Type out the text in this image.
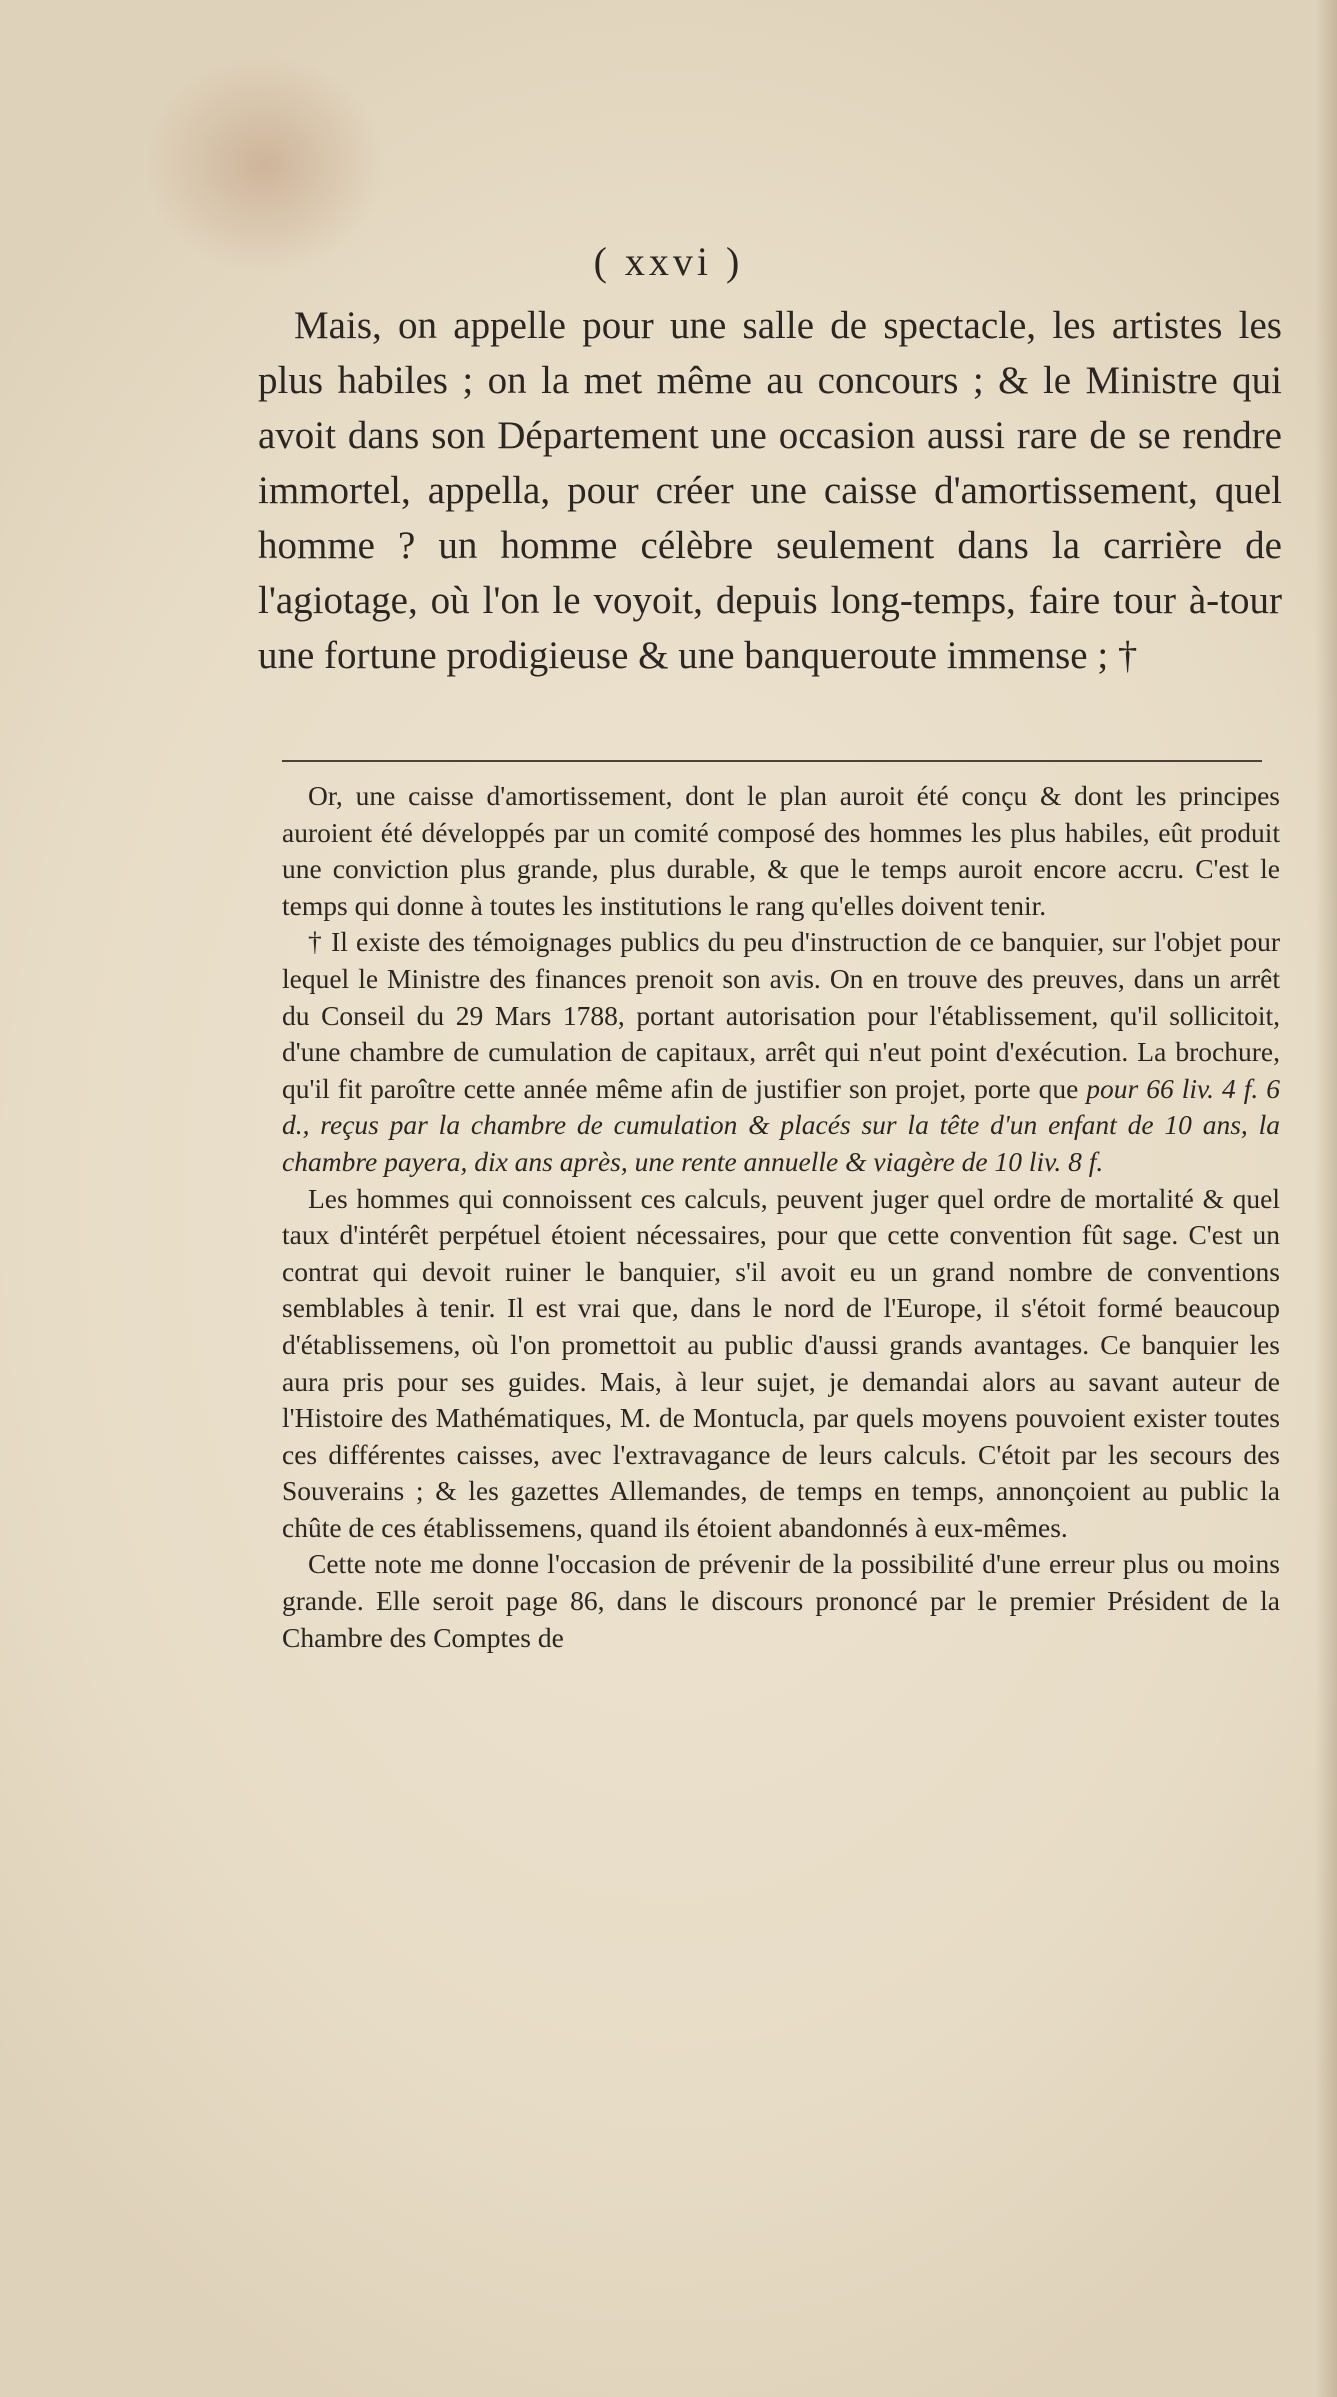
( xxvi )

Mais, on appelle pour une salle de spectacle, les artistes les plus habiles ; on la met même au concours ; & le Ministre qui avoit dans son Département une occasion aussi rare de se rendre immortel, appella, pour créer une caisse d'amortissement, quel homme ? un homme célèbre seulement dans la carrière de l'agiotage, où l'on le voyoit, depuis long-temps, faire tour à-tour une fortune prodigieuse & une banqueroute immense ; †

Or, une caisse d'amortissement, dont le plan auroit été conçu & dont les principes auroient été développés par un comité composé des hommes les plus habiles, eût produit une conviction plus grande, plus durable, & que le temps auroit encore accru. C'est le temps qui donne à toutes les institutions le rang qu'elles doivent tenir.

† Il existe des témoignages publics du peu d'instruction de ce banquier, sur l'objet pour lequel le Ministre des finances prenoit son avis. On en trouve des preuves, dans un arrêt du Conseil du 29 Mars 1788, portant autorisation pour l'établissement, qu'il sollicitoit, d'une chambre de cumulation de capitaux, arrêt qui n'eut point d'exécution. La brochure, qu'il fit paroître cette année même afin de justifier son projet, porte que pour 66 liv. 4 f. 6 d., reçus par la chambre de cumulation & placés sur la tête d'un enfant de 10 ans, la chambre payera, dix ans après, une rente annuelle & viagère de 10 liv. 8 f.

Les hommes qui connoissent ces calculs, peuvent juger quel ordre de mortalité & quel taux d'intérêt perpétuel étoient nécessaires, pour que cette convention fût sage. C'est un contrat qui devoit ruiner le banquier, s'il avoit eu un grand nombre de conventions semblables à tenir. Il est vrai que, dans le nord de l'Europe, il s'étoit formé beaucoup d'établissemens, où l'on promettoit au public d'aussi grands avantages. Ce banquier les aura pris pour ses guides. Mais, à leur sujet, je demandai alors au savant auteur de l'Histoire des Mathématiques, M. de Montucla, par quels moyens pouvoient exister toutes ces différentes caisses, avec l'extravagance de leurs calculs. C'étoit par les secours des Souverains ; & les gazettes Allemandes, de temps en temps, annonçoient au public la chûte de ces établissemens, quand ils étoient abandonnés à eux-mêmes.

Cette note me donne l'occasion de prévenir de la possibilité d'une erreur plus ou moins grande. Elle seroit page 86, dans le discours prononcé par le premier Président de la Chambre des Comptes de
